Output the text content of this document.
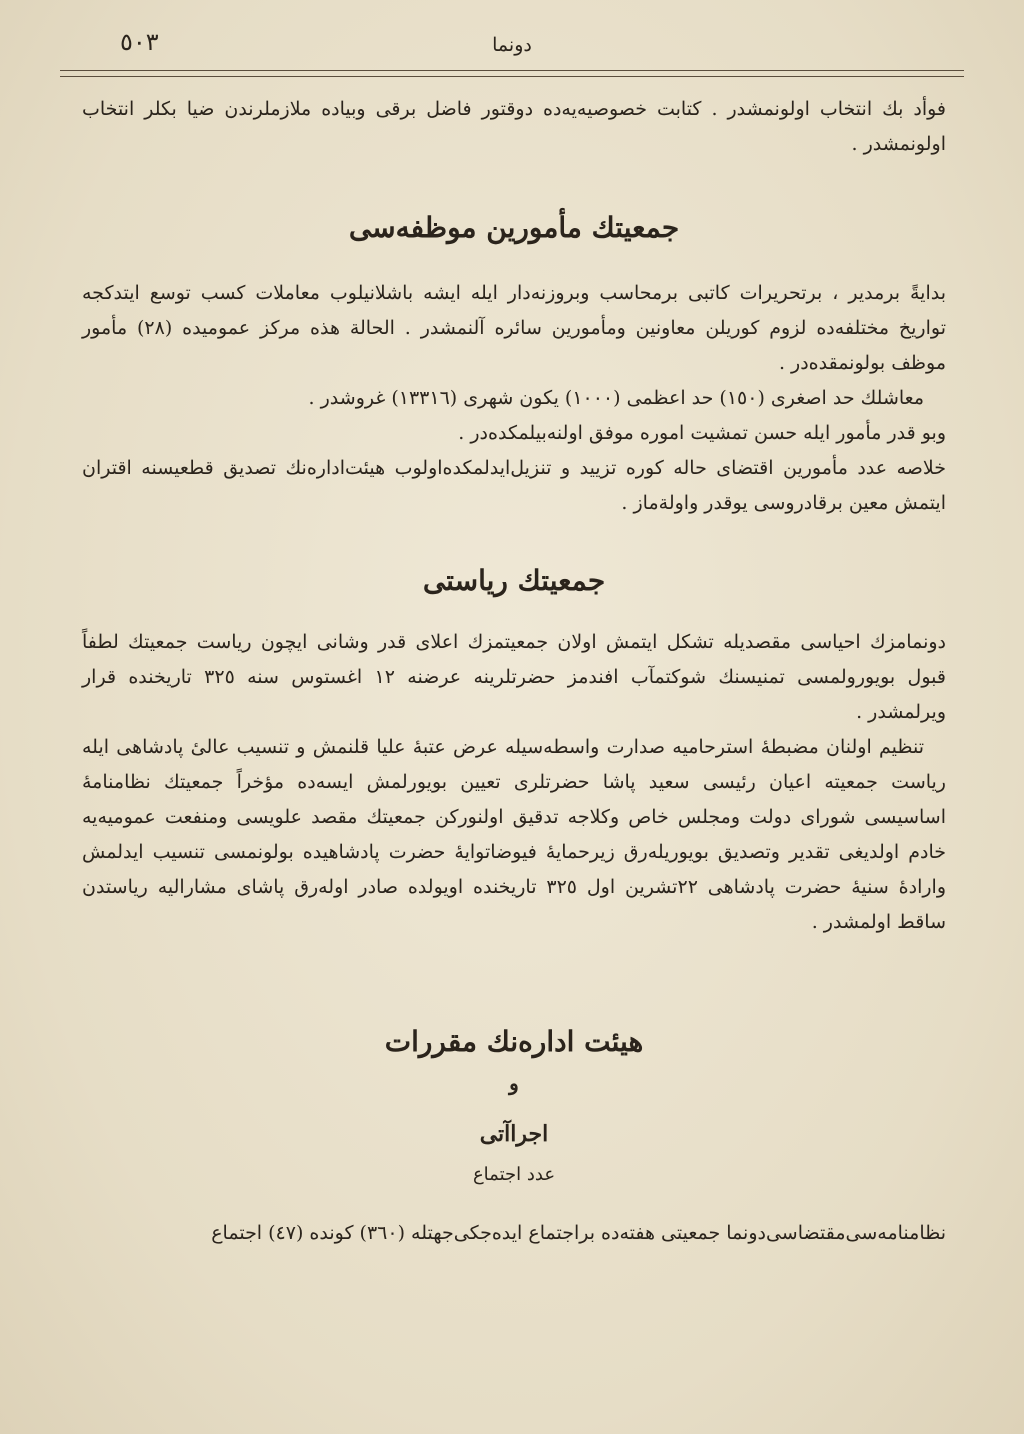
٥٠٣	دونما

فوأد بك انتخاب اولونمشدر . كتابت خصوصيه‌يه‌ده دوقتور فاضل برقی وبياده ملازملرندن ضيا بكلر انتخاب اولونمشدر .

جمعيتك مأمورين موظفه‌سی

بدايةً برمدير ، برتحريرات كاتبی برمحاسب وبروزنه‌دار ايله ايشه باشلانيلوب معاملات كسب توسع ايتدكجه تواريخ مختلفه‌ده لزوم كوريلن معاونين ومأمورين سائره آلنمشدر . الحالة هذه مركز عموميده (٢٨) مأمور موظف بولونمقده‌در .

معاشلك حد اصغری (١٥٠) حد اعظمی (١٠٠٠) يكون شهری (١٣٣١٦) غروشدر .

وبو قدر مأمور ايله حسن تمشيت اموره موفق اولنه‌بيلمكده‌در .

خلاصه عدد مأمورين اقتضای حاله كوره تزييد و تنزيل‌ايدلمكده‌اولوب هيئت‌اداره‌نك تصديق قطعيسنه اقتران ايتمش معين برقادروسی يوقدر واولةماز .

جمعيتك رياستی

دونمامزك احياسی مقصديله تشكل ايتمش اولان جمعيتمزك اعلای قدر وشانی ايچون رياست جمعيتك لطفاً قبول بويورولمسی تمنيسنك شوكتمآب افندمز حضرتلرينه عرضنه ١٢ اغستوس سنه ٣٢٥ تاريخنده قرار ويرلمشدر .

تنظيم اولنان مضبطهٔ استرحاميه صدارت واسطه‌سيله عرض عتبهٔ عليا قلنمش و تنسيب عالیٔ پادشاهی ايله رياست جمعيته اعيان رئيسی سعيد پاشا حضرتلری تعيين بويورلمش ايسه‌ده مؤخراً جمعيتك نظامنامهٔ اساسيسی شورای دولت ومجلس خاص وكلاجه تدقيق اولنوركن جمعيتك مقصد علويسی ومنفعت عموميه‌يه خادم اولديغی تقدير وتصديق بويوريله‌رق زيرحمايهٔ فيوضاتوايهٔ حضرت پادشاهيده بولونمسی تنسيب ايدلمش وارادهٔ سنيهٔ حضرت پادشاهی ٢٢تشرين اول ٣٢٥ تاريخنده اويولده صادر اوله‌رق پاشای مشاراليه رياستدن ساقط اولمشدر .

هيئت اداره‌نك مقررات

و

اجراآتی

عدد اجتماع

نظامنامه‌سی‌مقتضاسی‌دونما جمعيتی هفته‌ده براجتماع ايده‌جكی‌جهتله (٣٦٠) كونده (٤٧) اجتماع
